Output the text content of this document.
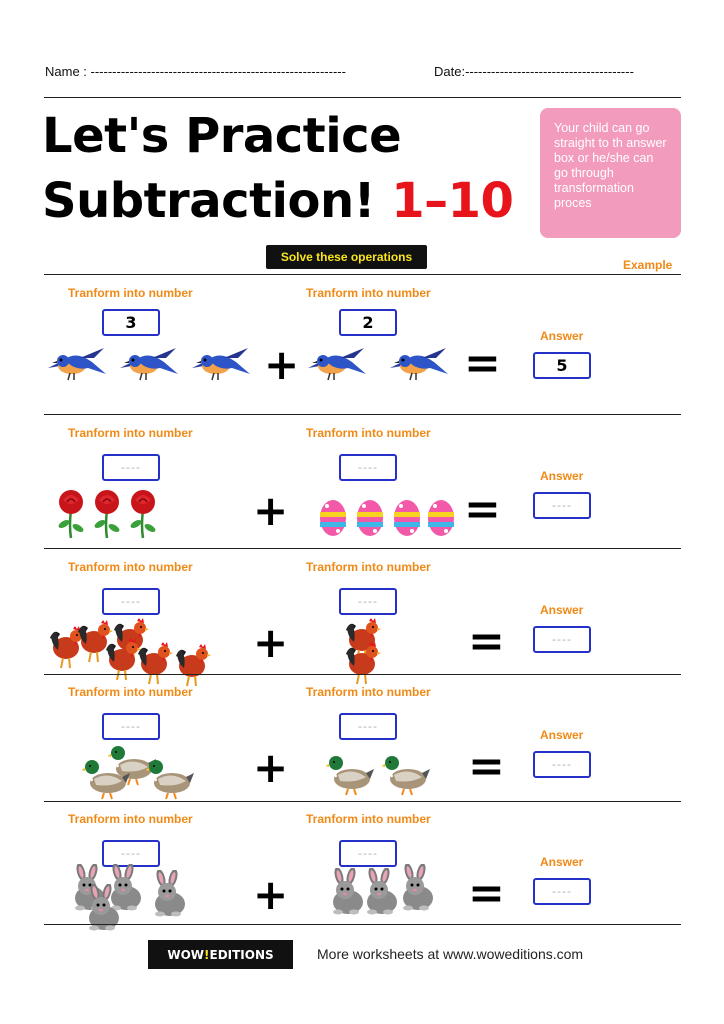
Name : -----------------------------------------------------------	Date:---------------------------------------
Let's Practice
Subtraction! 1–10
Your child can go straight to th answer box or he/she can go through transformation proces
Solve these operations
Example
Tranform into number	Tranform into number
3	2
+	=
Answer
5
Tranform into number	Tranform into number
----	----
+	=
Answer
----
Tranform into number	Tranform into number
----	----
+	=
Answer
----
Tranform into number	Tranform into number
----	----
+	=
Answer
----
Tranform into number	Tranform into number
----	----
+	=
Answer
----
WOW ! EDITIONS	More worksheets at www.woweditions.com
